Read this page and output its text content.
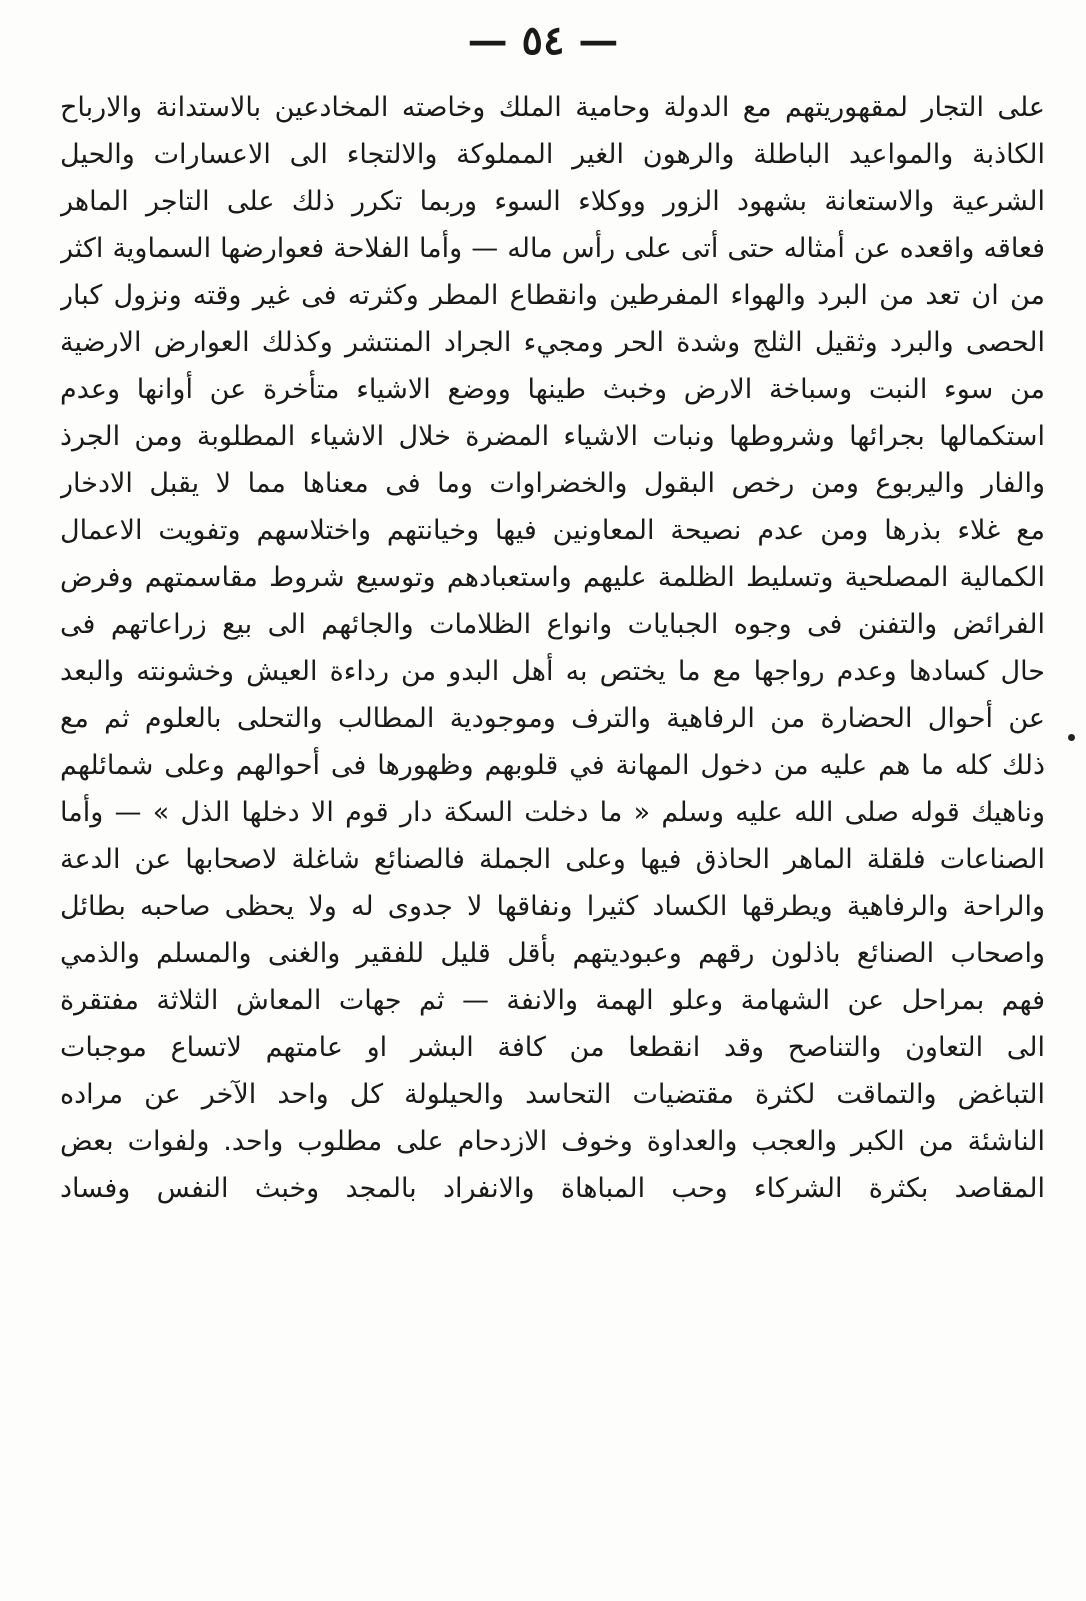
— ٥٤ —
على التجار لمقهوريتهم مع الدولة وحامية الملك وخاصته المخادعين بالاستدانة والارباح
الكاذبة والمواعيد الباطلة والرهون الغير المملوكة والالتجاء الى الاعسارات والحيل
الشرعية والاستعانة بشهود الزور ووكلاء السوء وربما تكرر ذلك على التاجر الماهر
فعاقه واقعده عن أمثاله حتى أتى على رأس ماله — وأما الفلاحة فعوارضها السماوية اكثر
من ان تعد من البرد والهواء المفرطين وانقطاع المطر وكثرته فى غير وقته ونزول كبار
الحصى والبرد وثقيل الثلج وشدة الحر ومجيء الجراد المنتشر وكذلك العوارض الارضية
من سوء النبت وسباخة الارض وخبث طينها ووضع الاشياء متأخرة عن أوانها وعدم
استكمالها بجرائها وشروطها ونبات الاشياء المضرة خلال الاشياء المطلوبة ومن الجرذ
والفار واليربوع ومن رخص البقول والخضراوات وما فى معناها مما لا يقبل الادخار
مع غلاء بذرها ومن عدم نصيحة المعاونين فيها وخيانتهم واختلاسهم وتفويت الاعمال
الكمالية المصلحية وتسليط الظلمة عليهم واستعبادهم وتوسيع شروط مقاسمتهم وفرض
الفرائض والتفنن فى وجوه الجبايات وانواع الظلامات والجائهم الى بيع زراعاتهم فى
حال كسادها وعدم رواجها مع ما يختص به أهل البدو من رداءة العيش وخشونته والبعد
عن أحوال الحضارة من الرفاهية والترف وموجودية المطالب والتحلى بالعلوم ثم مع
ذلك كله ما هم عليه من دخول المهانة في قلوبهم وظهورها فى أحوالهم وعلى شمائلهم
وناهيك قوله صلى الله عليه وسلم « ما دخلت السكة دار قوم الا دخلها الذل » — وأما
الصناعات فلقلة الماهر الحاذق فيها وعلى الجملة فالصنائع شاغلة لاصحابها عن الدعة
والراحة والرفاهية ويطرقها الكساد كثيرا ونفاقها لا جدوى له ولا يحظى صاحبه بطائل
واصحاب الصنائع باذلون رقهم وعبوديتهم بأقل قليل للفقير والغنى والمسلم والذمي
فهم بمراحل عن الشهامة وعلو الهمة والانفة — ثم جهات المعاش الثلاثة مفتقرة
الى التعاون والتناصح وقد انقطعا من كافة البشر او عامتهم لاتساع موجبات
التباغض والتماقت لكثرة مقتضيات التحاسد والحيلولة كل واحد الآخر عن مراده
الناشئة من الكبر والعجب والعداوة وخوف الازدحام على مطلوب واحد. ولفوات بعض
المقاصد بكثرة الشركاء وحب المباهاة والانفراد بالمجد وخبث النفس وفساد
